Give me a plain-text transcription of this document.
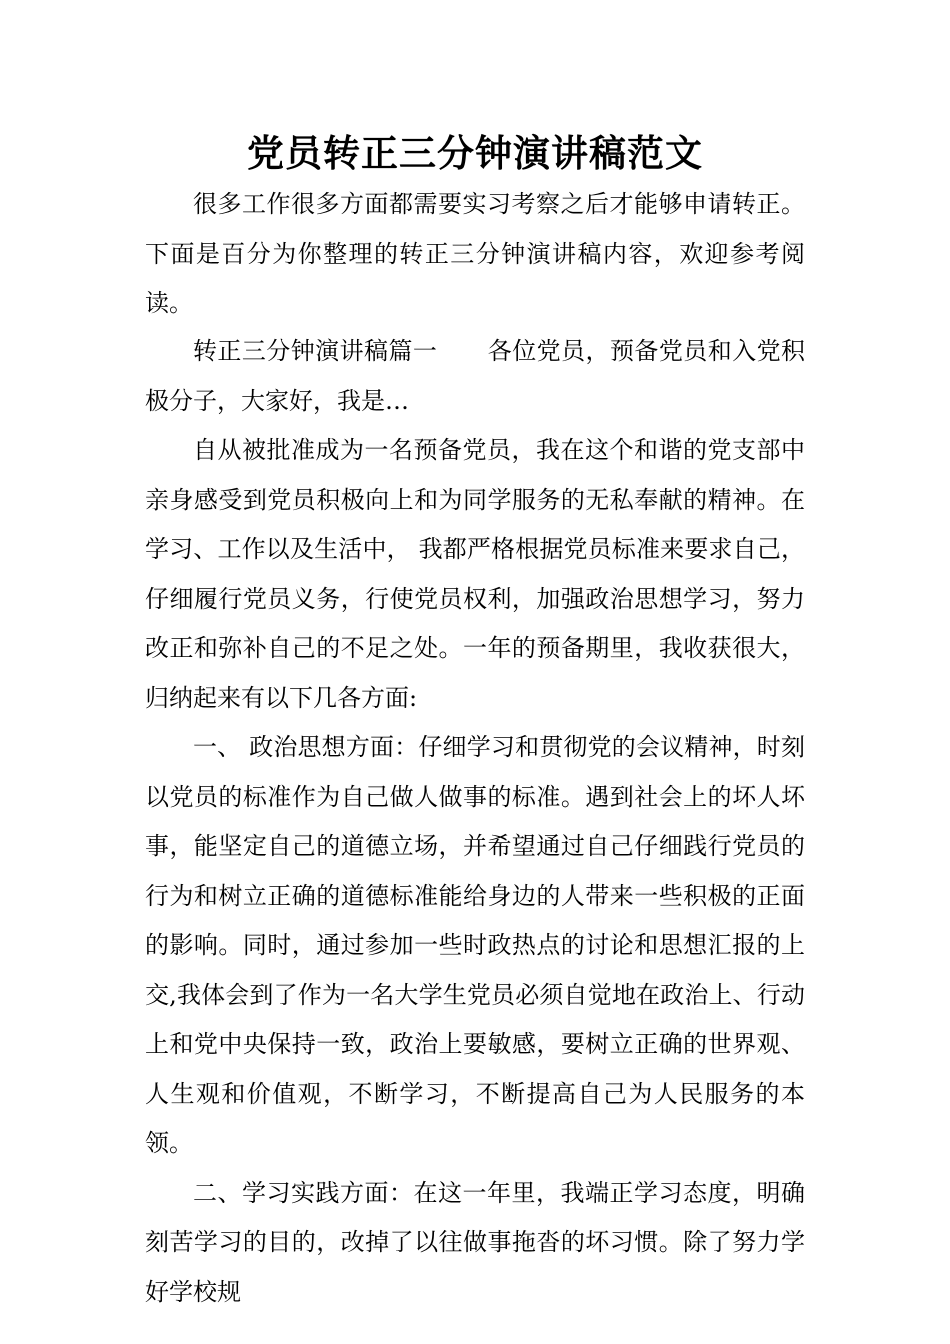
党员转正三分钟演讲稿范文

很多工作很多方面都需要实习考察之后才能够申请转正。下面是百分为你整理的转正三分钟演讲稿内容，欢迎参考阅读。

转正三分钟演讲稿篇一 各位党员，预备党员和入党积极分子，大家好，我是…

自从被批准成为一名预备党员，我在这个和谐的党支部中亲身感受到党员积极向上和为同学服务的无私奉献的精神。在学习、工作以及生活中， 我都严格根据党员标准来要求自己，仔细履行党员义务，行使党员权利，加强政治思想学习，努力改正和弥补自己的不足之处。一年的预备期里，我收获很大，归纳起来有以下几各方面:

一、 政治思想方面：仔细学习和贯彻党的会议精神，时刻以党员的标准作为自己做人做事的标准。遇到社会上的坏人坏事，能坚定自己的道德立场，并希望通过自己仔细践行党员的行为和树立正确的道德标准能给身边的人带来一些积极的正面的影响。同时，通过参加一些时政热点的讨论和思想汇报的上交,我体会到了作为一名大学生党员必须自觉地在政治上、行动上和党中央保持一致，政治上要敏感，要树立正确的世界观、人生观和价值观，不断学习，不断提高自己为人民服务的本领。

二、学习实践方面：在这一年里，我端正学习态度，明确刻苦学习的目的，改掉了以往做事拖沓的坏习惯。除了努力学好学校规
